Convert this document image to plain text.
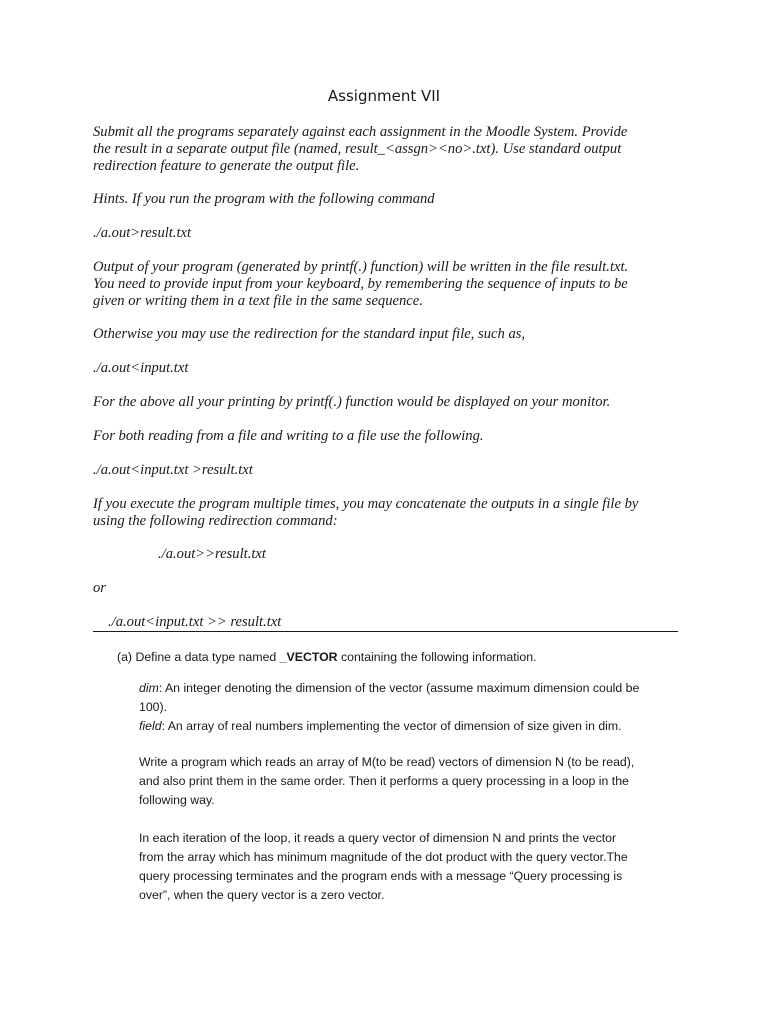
Assignment VII

Submit all the programs separately against each assignment in the Moodle System. Provide

the result in a separate output file (named, result_<assgn><no>.txt). Use standard output

redirection feature to generate the output file.

Hints. If you run the program with the following command

./a.out>result.txt

Output of your program (generated by printf(.) function) will be written in the file result.txt.

You need to provide input from your keyboard, by remembering the sequence of inputs to be

given or writing them in a text file in the same sequence.

Otherwise you may use the redirection for the standard input file, such as,

./a.out<input.txt

For the above all your printing by printf(.) function would be displayed on your monitor.

For both reading from a file and writing to a file use the following.

./a.out<input.txt >result.txt

If you execute the program multiple times, you may concatenate the outputs in a single file by

using the following redirection command:

./a.out>>result.txt

or

./a.out<input.txt >> result.txt

(a) Define a data type named _VECTOR containing the following information.

dim: An integer denoting the dimension of the vector (assume maximum dimension could be

100).

field: An array of real numbers implementing the vector of dimension of size given in dim.

Write a program which reads an array of M(to be read) vectors of dimension N (to be read),

and also print them in the same order. Then it performs a query processing in a loop in the

following way.

In each iteration of the loop, it reads a query vector of dimension N and prints the vector

from the array which has minimum magnitude of the dot product with the query vector.The

query processing terminates and the program ends with a message “Query processing is

over”, when the query vector is a zero vector.
